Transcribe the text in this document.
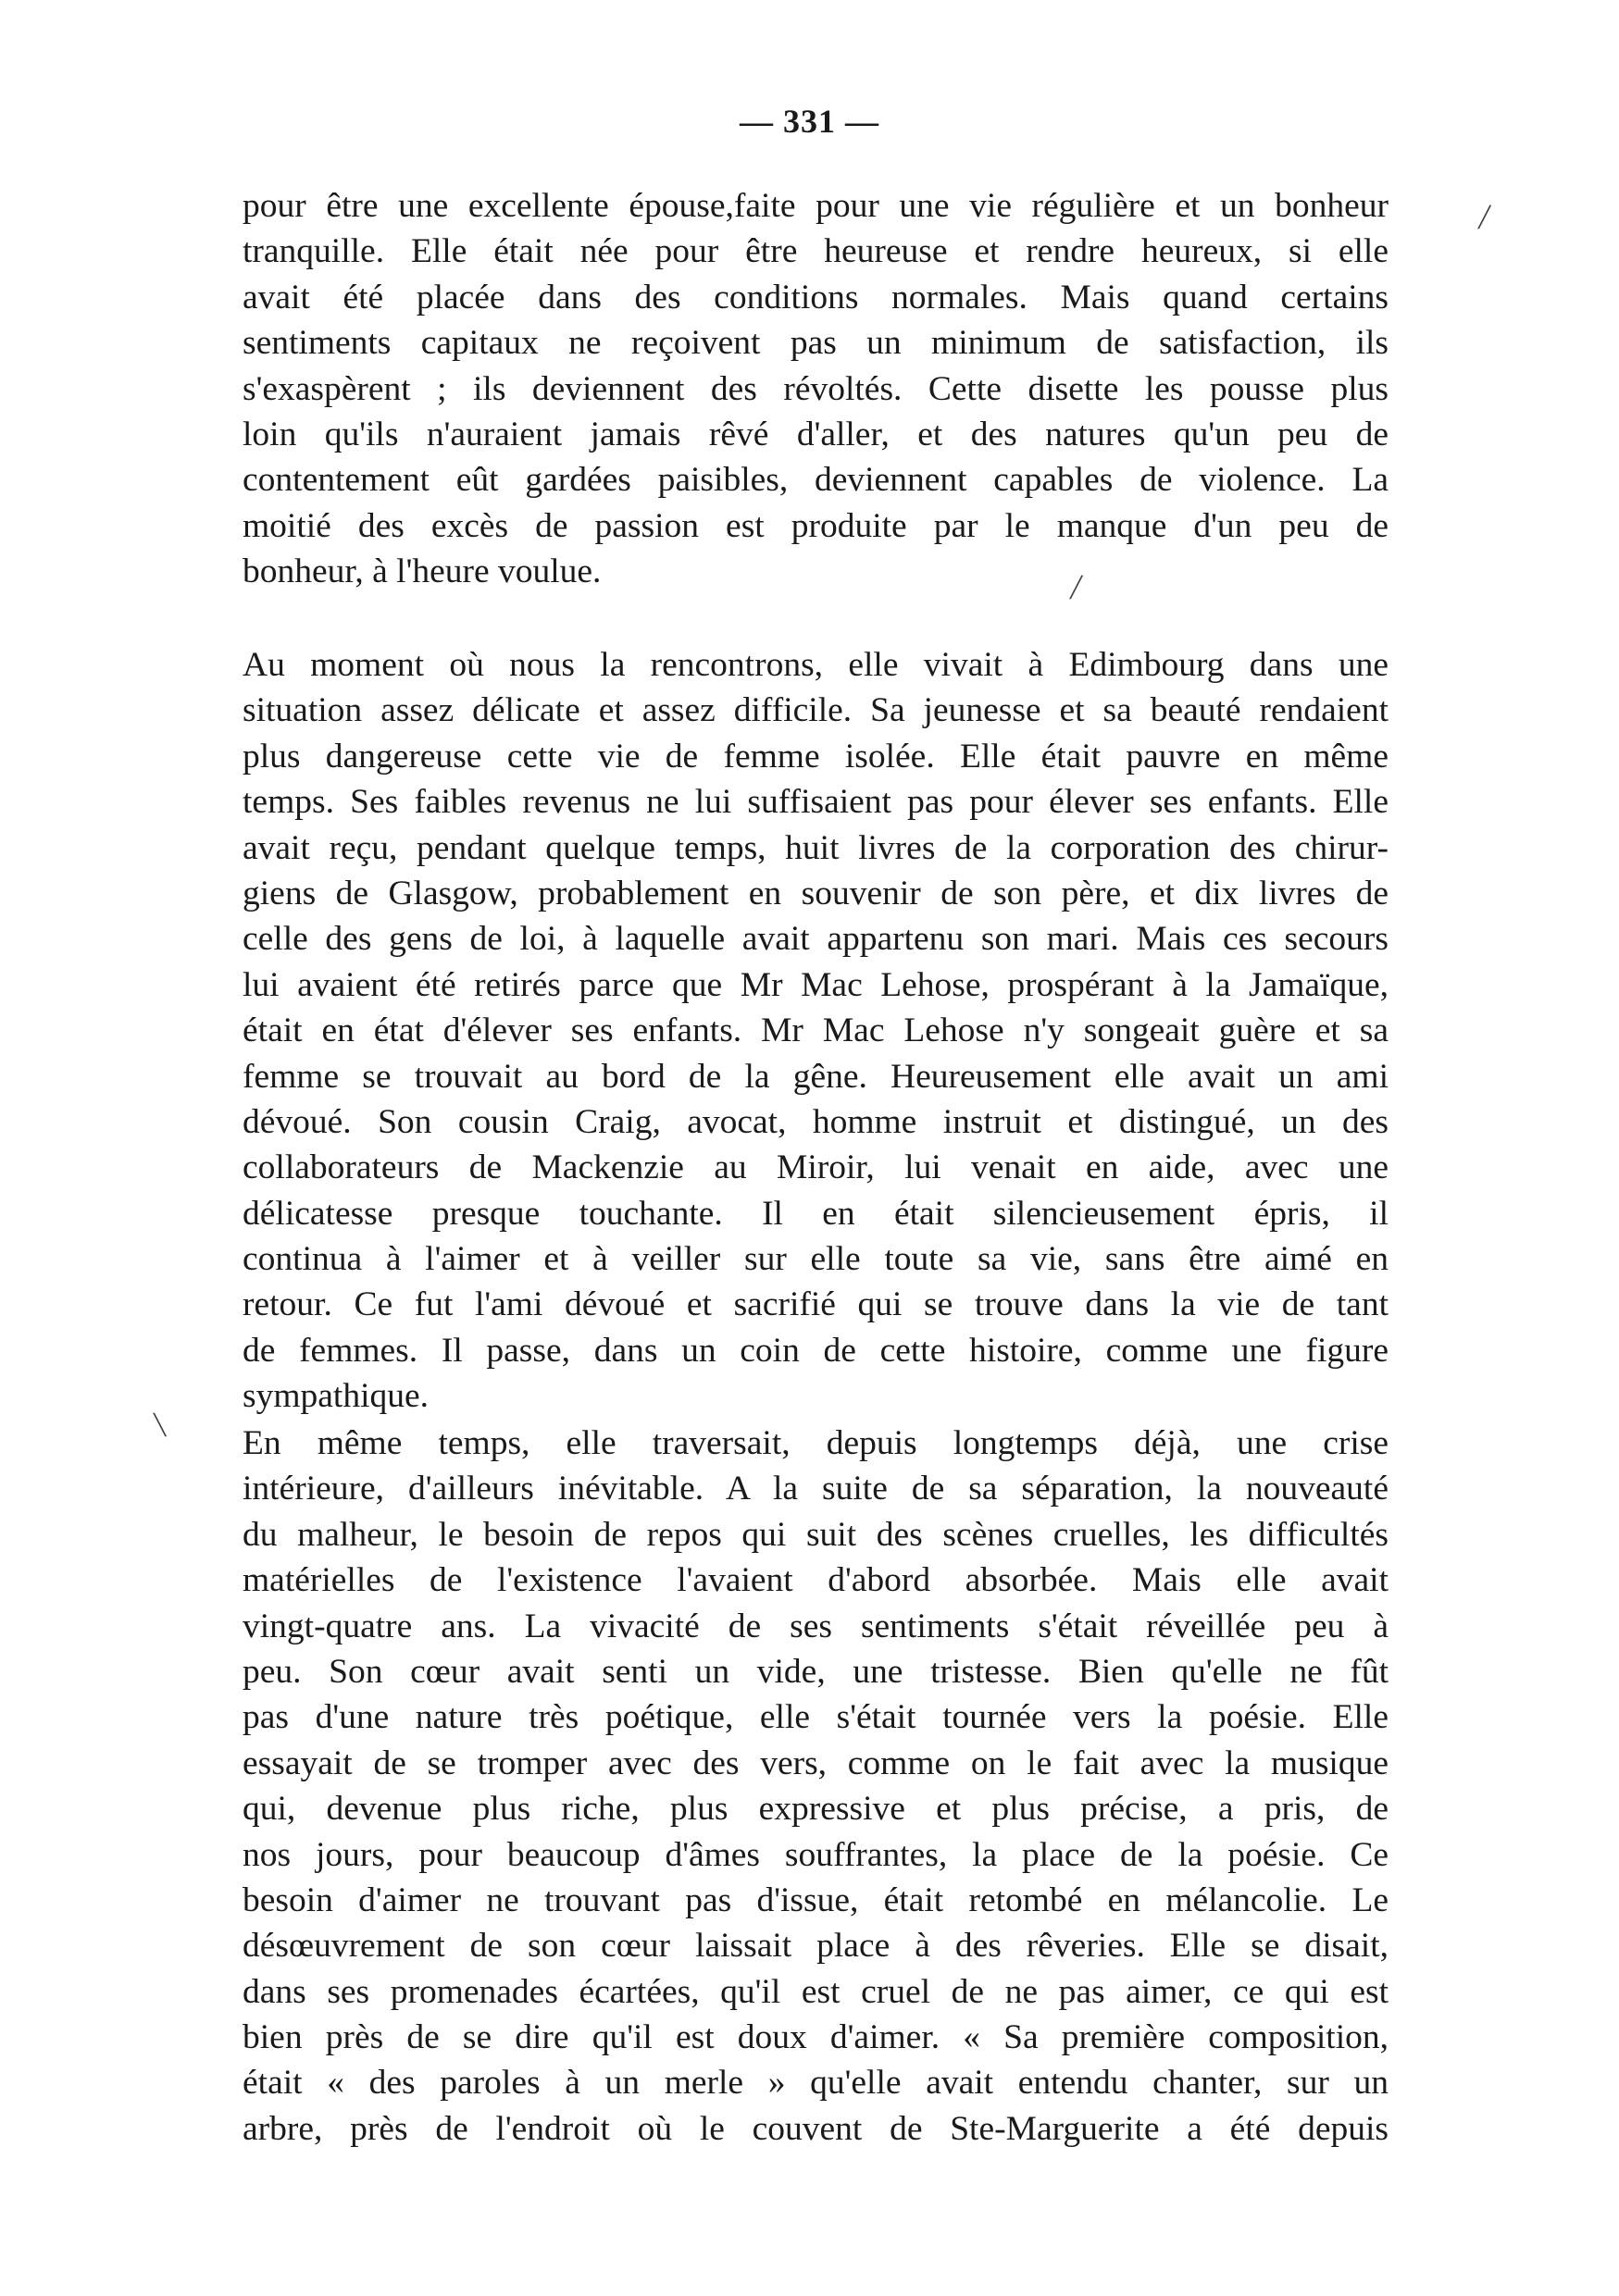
— 331 —
pour être une excellente épouse,faite pour une vie régulière et un bonheur
tranquille. Elle était née pour être heureuse et rendre heureux, si elle
avait été placée dans des conditions normales. Mais quand certains
sentiments capitaux ne reçoivent pas un minimum de satisfaction, ils
s'exaspèrent ; ils deviennent des révoltés. Cette disette les pousse plus
loin qu'ils n'auraient jamais rêvé d'aller, et des natures qu'un peu de
contentement eût gardées paisibles, deviennent capables de violence. La
moitié des excès de passion est produite par le manque d'un peu de
bonheur, à l'heure voulue.
Au moment où nous la rencontrons, elle vivait à Edimbourg dans une
situation assez délicate et assez difficile. Sa jeunesse et sa beauté rendaient
plus dangereuse cette vie de femme isolée. Elle était pauvre en même
temps. Ses faibles revenus ne lui suffisaient pas pour élever ses enfants. Elle
avait reçu, pendant quelque temps, huit livres de la corporation des chirur-
giens de Glasgow, probablement en souvenir de son père, et dix livres de
celle des gens de loi, à laquelle avait appartenu son mari. Mais ces secours
lui avaient été retirés parce que Mr Mac Lehose, prospérant à la Jamaïque,
était en état d'élever ses enfants. Mr Mac Lehose n'y songeait guère et sa
femme se trouvait au bord de la gêne. Heureusement elle avait un ami
dévoué. Son cousin Craig, avocat, homme instruit et distingué, un des
collaborateurs de Mackenzie au Miroir, lui venait en aide, avec une
délicatesse presque touchante. Il en était silencieusement épris, il
continua à l'aimer et à veiller sur elle toute sa vie, sans être aimé en
retour. Ce fut l'ami dévoué et sacrifié qui se trouve dans la vie de tant
de femmes. Il passe, dans un coin de cette histoire, comme une figure
sympathique.
En même temps, elle traversait, depuis longtemps déjà, une crise
intérieure, d'ailleurs inévitable. A la suite de sa séparation, la nouveauté
du malheur, le besoin de repos qui suit des scènes cruelles, les difficultés
matérielles de l'existence l'avaient d'abord absorbée. Mais elle avait
vingt-quatre ans. La vivacité de ses sentiments s'était réveillée peu à
peu. Son cœur avait senti un vide, une tristesse. Bien qu'elle ne fût
pas d'une nature très poétique, elle s'était tournée vers la poésie. Elle
essayait de se tromper avec des vers, comme on le fait avec la musique
qui, devenue plus riche, plus expressive et plus précise, a pris, de
nos jours, pour beaucoup d'âmes souffrantes, la place de la poésie. Ce
besoin d'aimer ne trouvant pas d'issue, était retombé en mélancolie. Le
désœuvrement de son cœur laissait place à des rêveries. Elle se disait,
dans ses promenades écartées, qu'il est cruel de ne pas aimer, ce qui est
bien près de se dire qu'il est doux d'aimer. « Sa première composition,
était « des paroles à un merle » qu'elle avait entendu chanter, sur un
arbre, près de l'endroit où le couvent de Ste-Marguerite a été depuis
╱
╱
╲
